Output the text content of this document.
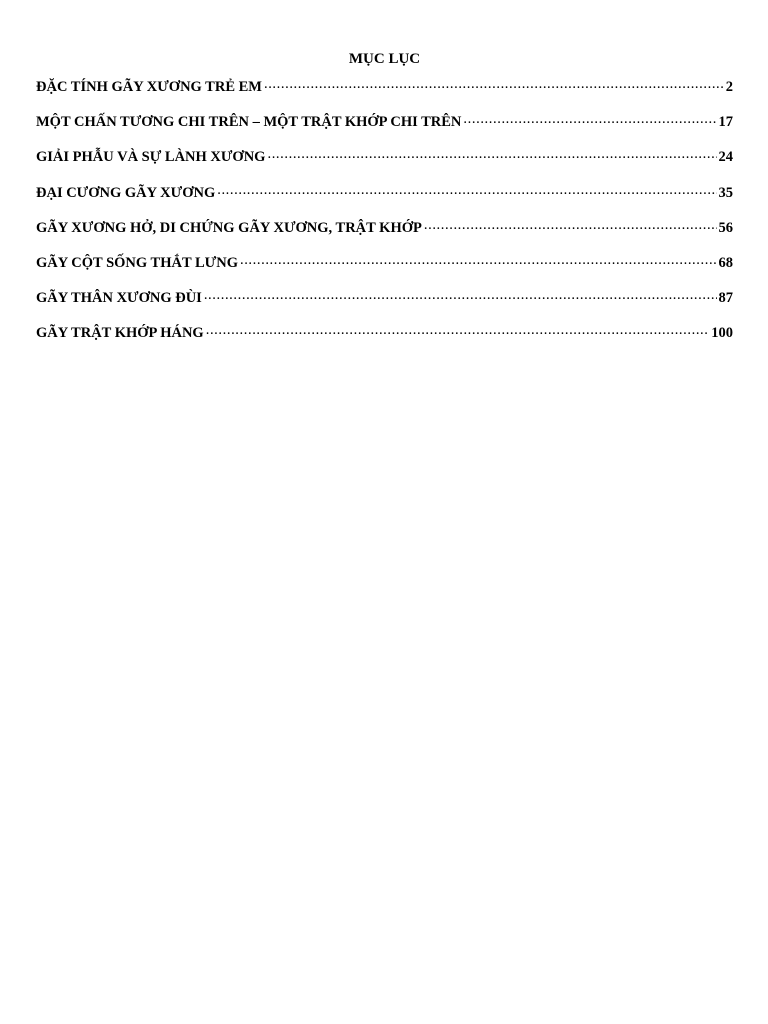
MỤC LỤC
ĐẶC TÍNH GÃY XƯƠNG TRẺ EM .....	2
MỘT CHẤN TƯƠNG CHI TRÊN – MỘT TRẬT KHỚP CHI TRÊN .....	17
GIẢI PHẪU VÀ SỰ LÀNH XƯƠNG .....	24
ĐẠI CƯƠNG GÃY XƯƠNG .....	35
GÃY XƯƠNG HỞ, DI CHỨNG GÃY XƯƠNG, TRẬT KHỚP .....	56
GÃY CỘT SỐNG THẮT LƯNG .....	68
GÃY THÂN XƯƠNG ĐÙI .....	87
GÃY TRẬT KHỚP HÁNG .....	100
